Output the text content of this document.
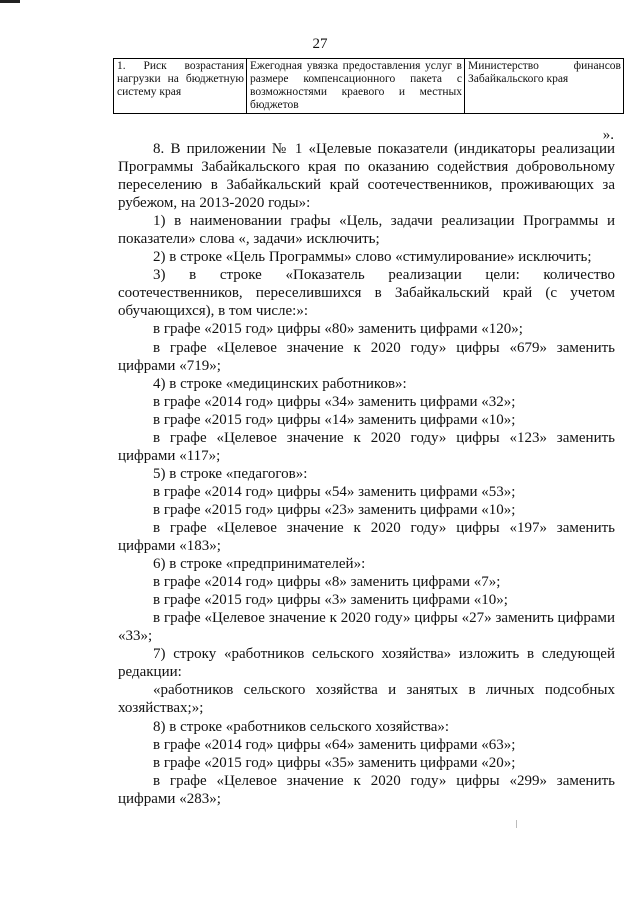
27
1. Риск возрастания нагрузки на бюджетную систему края	Ежегодная увязка предоставления услуг в размере компенсационного пакета с возможностями краевого и местных бюджетов	Министерство финансов Забайкальского края
».

8. В приложении № 1 «Целевые показатели (индикаторы реализации Программы Забайкальского края по оказанию содействия добровольному переселению в Забайкальский край соотечественников, проживающих за рубежом, на 2013-2020 годы»:

1) в наименовании графы «Цель, задачи реализации Программы и показатели» слова «, задачи» исключить;

2) в строке «Цель Программы» слово «стимулирование» исключить;

3) в строке «Показатель реализации цели: количество соотечественников, переселившихся в Забайкальский край (с учетом обучающихся), в том числе:»:

в графе «2015 год» цифры «80» заменить цифрами «120»;

в графе «Целевое значение к 2020 году» цифры «679» заменить цифрами «719»;

4) в строке «медицинских работников»:

в графе «2014 год» цифры «34» заменить цифрами «32»;

в графе «2015 год» цифры «14» заменить цифрами «10»;

в графе «Целевое значение к 2020 году» цифры «123» заменить цифрами «117»;

5) в строке «педагогов»:

в графе «2014 год» цифры «54» заменить цифрами «53»;

в графе «2015 год» цифры «23» заменить цифрами «10»;

в графе «Целевое значение к 2020 году» цифры «197» заменить цифрами «183»;

6) в строке «предпринимателей»:

в графе «2014 год» цифры «8» заменить цифрами «7»;

в графе «2015 год» цифры «3» заменить цифрами «10»;

в графе «Целевое значение к 2020 году» цифры «27» заменить цифрами «33»;

7) строку «работников сельского хозяйства» изложить в следующей редакции:

«работников сельского хозяйства и занятых в личных подсобных хозяйствах;»;

8) в строке «работников сельского хозяйства»:

в графе «2014 год» цифры «64» заменить цифрами «63»;

в графе «2015 год» цифры «35» заменить цифрами «20»;

в графе «Целевое значение к 2020 году» цифры «299» заменить цифрами «283»;
